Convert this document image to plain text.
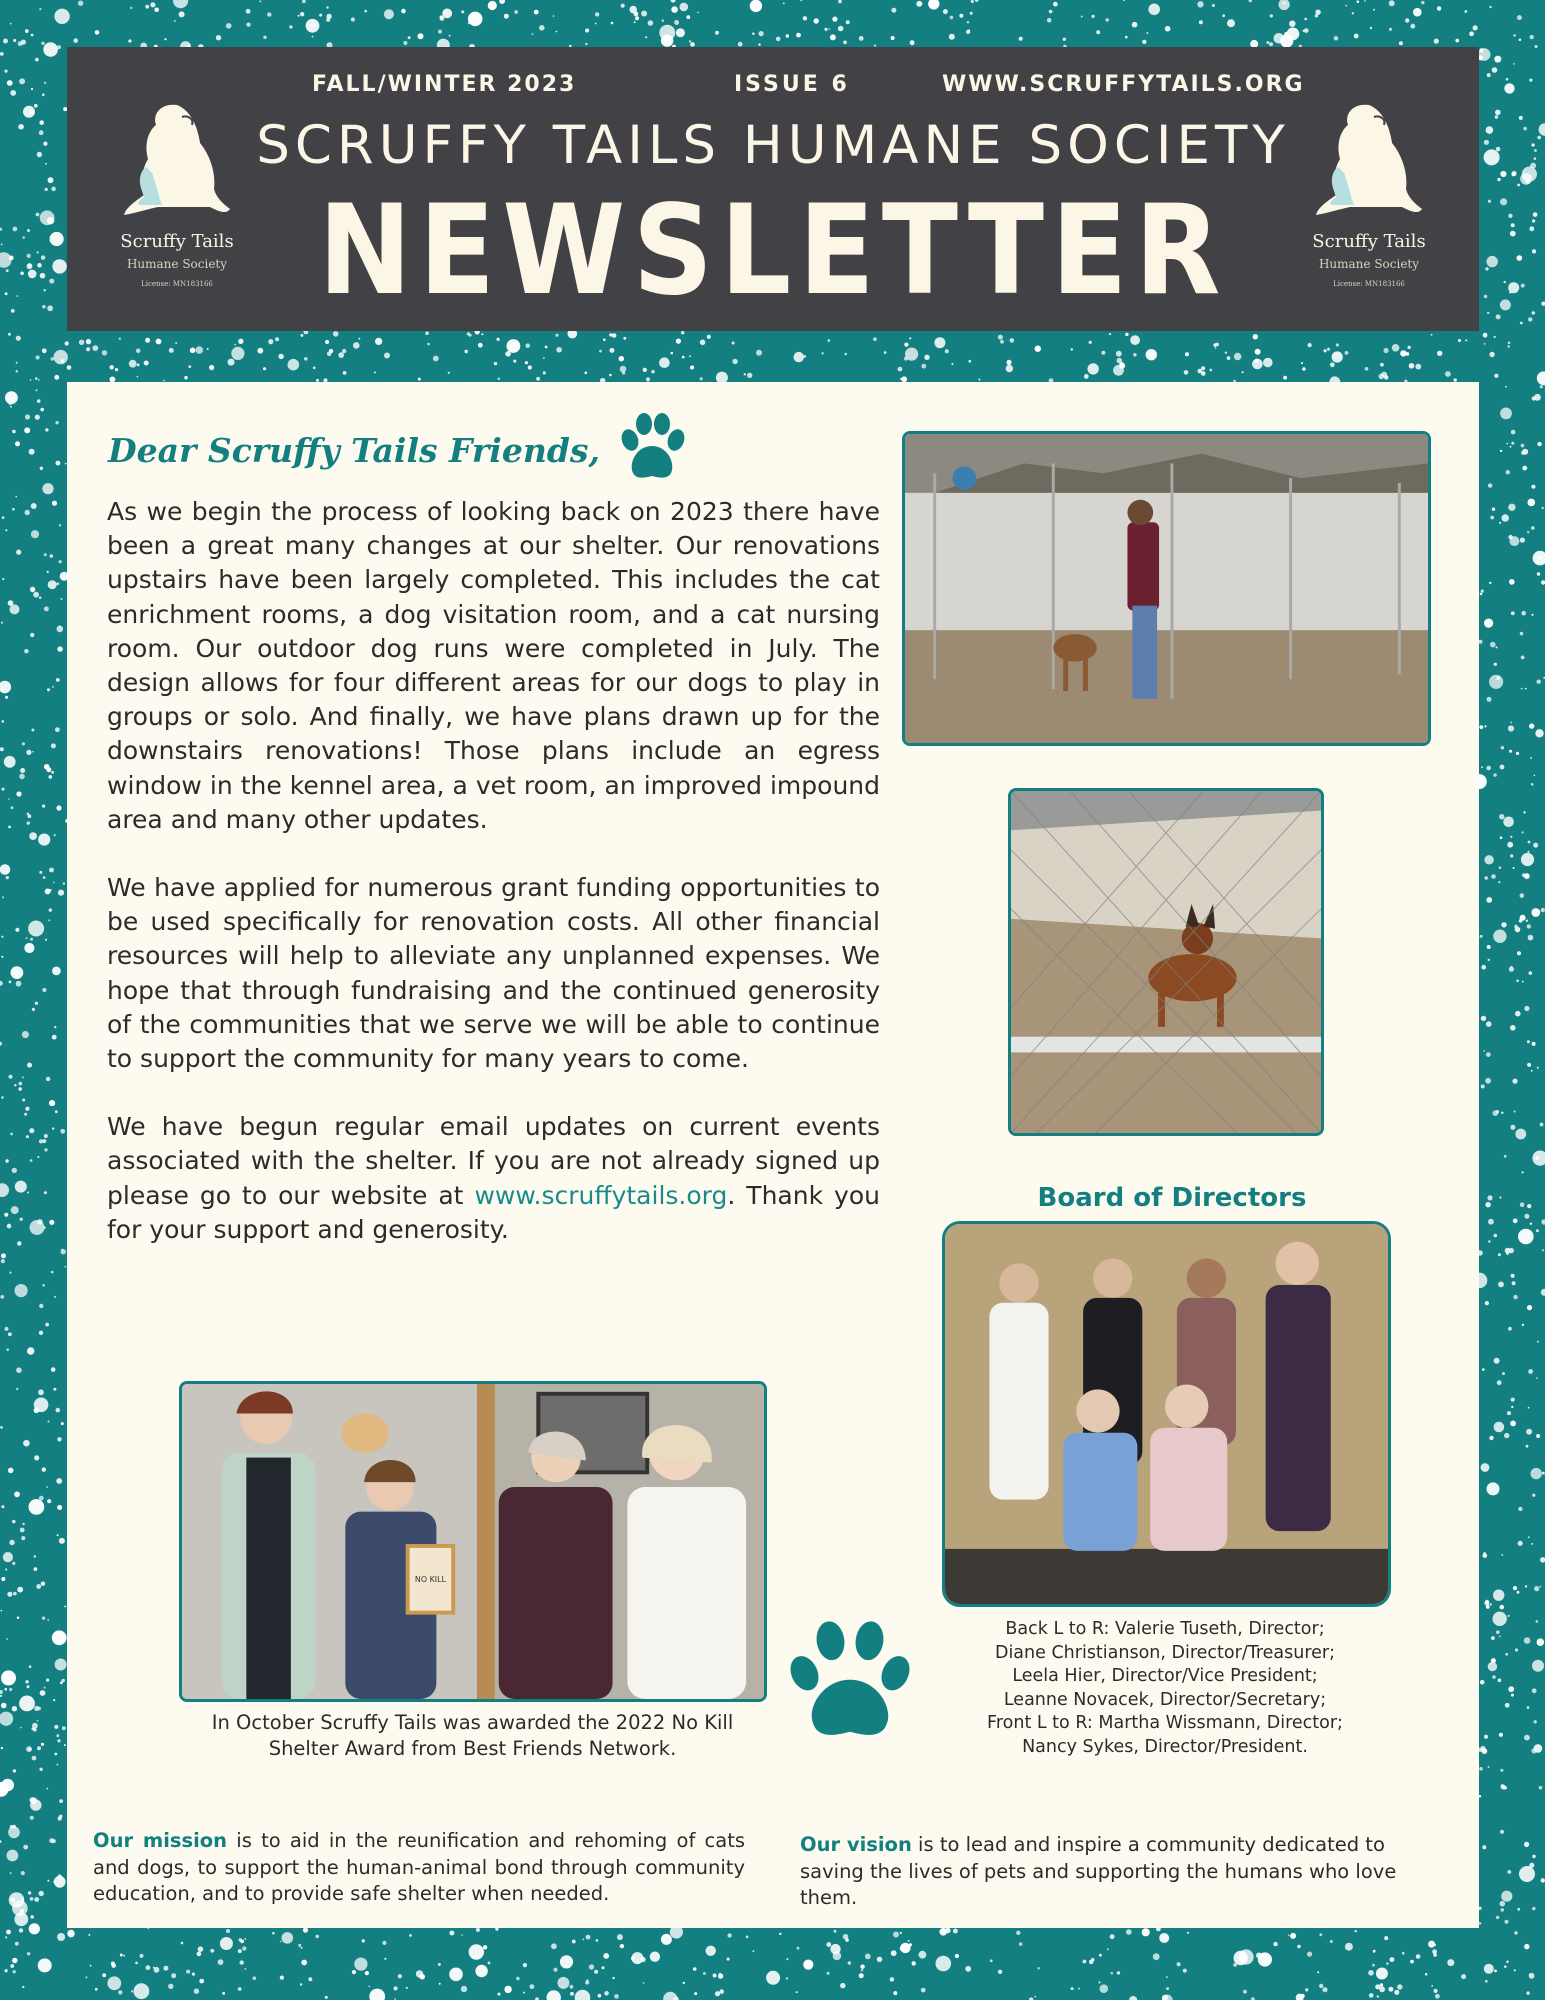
FALL/WINTER 2023	ISSUE 6	WWW.SCRUFFYTAILS.ORG
SCRUFFY TAILS HUMANE SOCIETY
NEWSLETTER
Scruffy Tails
Humane Society
License: MN183166
Scruffy Tails
Humane Society
License: MN183166
Dear Scruffy Tails Friends,

As we begin the process of looking back on 2023 there have been a great many changes at our shelter. Our renovations upstairs have been largely completed. This includes the cat enrichment rooms, a dog visitation room, and a cat nursing room. Our outdoor dog runs were completed in July. The design allows for four different areas for our dogs to play in groups or solo. And finally, we have plans drawn up for the downstairs renovations! Those plans include an egress window in the kennel area, a vet room, an improved impound area and many other updates.

We have applied for numerous grant funding opportunities to be used specifically for renovation costs. All other financial resources will help to alleviate any unplanned expenses. We hope that through fundraising and the continued generosity of the communities that we serve we will be able to continue to support the community for many years to come.

We have begun regular email updates on current events associated with the shelter. If you are not already signed up please go to our website at www.scruffytails.org. Thank you for your support and generosity.

Board of Directors
Back L to R: Valerie Tuseth, Director;
Diane Christianson, Director/Treasurer;
Leela Hier, Director/Vice President;
Leanne Novacek, Director/Secretary;
Front L to R: Martha Wissmann, Director;
Nancy Sykes, Director/President.
NO KILL
In October Scruffy Tails was awarded the 2022 No Kill Shelter Award from Best Friends Network.
Our mission is to aid in the reunification and rehoming of cats and dogs, to support the human-animal bond through community education, and to provide safe shelter when needed.
Our vision is to lead and inspire a community dedicated to saving the lives of pets and supporting the humans who love them.
